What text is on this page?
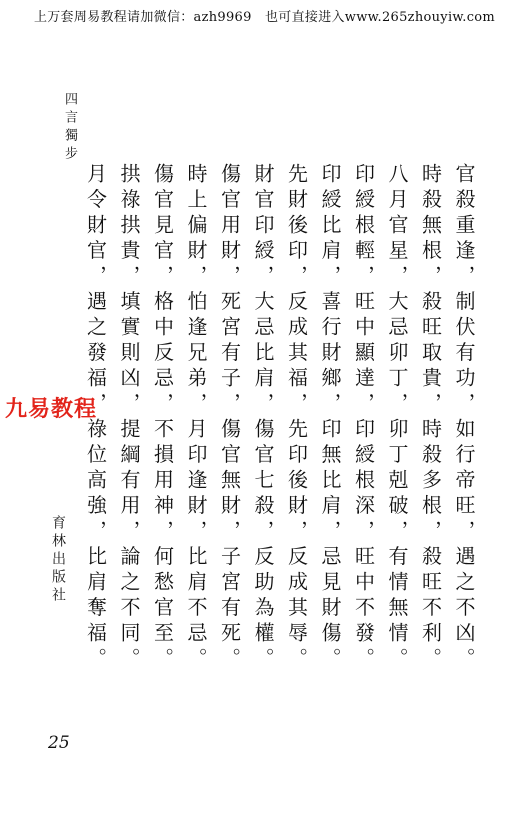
上万套周易教程请加微信：azh9969　也可直接进入www.265zhouyiw.com
四言獨步
官殺重逢，制伏有功，如行帝旺，遇之不凶。
時殺無根，殺旺取貴，時殺多根，殺旺不利。
八月官星，大忌卯丁，卯丁剋破，有情無情。
印綬根輕，旺中顯達，印綬根深，旺中不發。
印綬比肩，喜行財鄉，印無比肩，忌見財傷。
先財後印，反成其福，先印後財，反成其辱。
財官印綬，大忌比肩，傷官七殺，反助為權。
傷官用財，死宮有子，傷官無財，子宮有死。
時上偏財，怕逢兄弟，月印逢財，比肩不忌。
傷官見官，格中反忌，不損用神，何愁官至。
拱祿拱貴，填實則凶，提綱有用，論之不同。
月令財官，遇之發福，祿位高強，比肩奪福。
九易教程
育林出版社
25
